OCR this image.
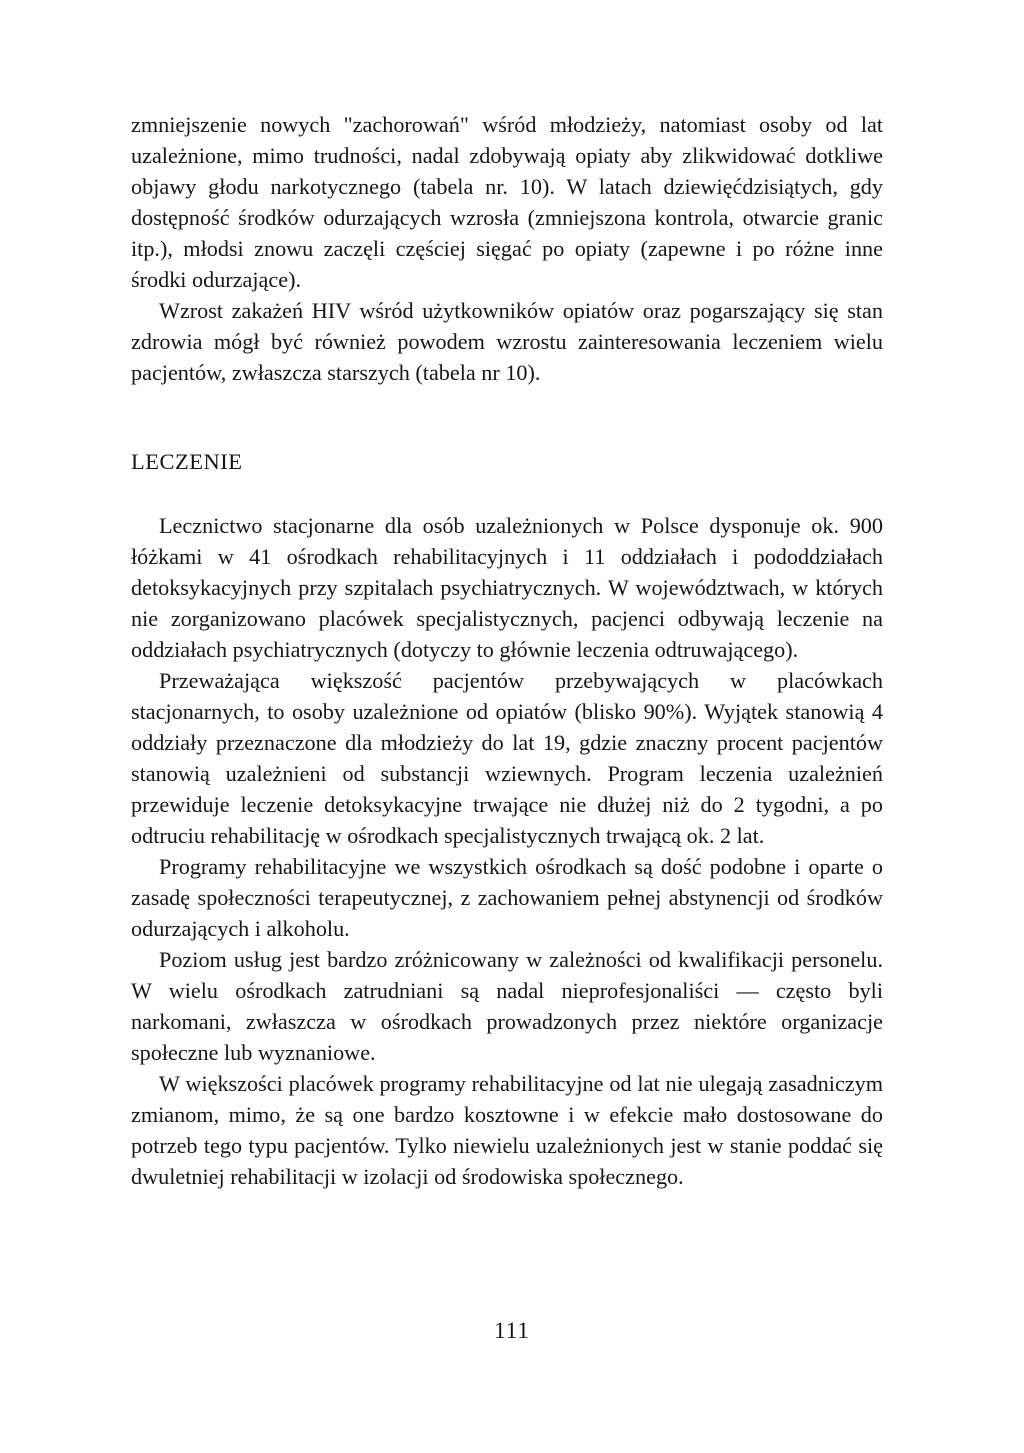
zmniejszenie nowych "zachorowań" wśród młodzieży, natomiast osoby od lat uzależnione, mimo trudności, nadal zdobywają opiaty aby zlikwidować dotkliwe objawy głodu narkotycznego (tabela nr. 10). W latach dziewięćdzisiątych, gdy dostępność środków odurzających wzrosła (zmniejszona kontrola, otwarcie granic itp.), młodsi znowu zaczęli częściej sięgać po opiaty (zapewne i po różne inne środki odurzające).

Wzrost zakażeń HIV wśród użytkowników opiatów oraz pogarszający się stan zdrowia mógł być również powodem wzrostu zainteresowania leczeniem wielu pacjentów, zwłaszcza starszych (tabela nr 10).

LECZENIE

Lecznictwo stacjonarne dla osób uzależnionych w Polsce dysponuje ok. 900 łóżkami w 41 ośrodkach rehabilitacyjnych i 11 oddziałach i pododdziałach detoksykacyjnych przy szpitalach psychiatrycznych. W województwach, w których nie zorganizowano placówek specjalistycznych, pacjenci odbywają leczenie na oddziałach psychiatrycznych (dotyczy to głównie leczenia odtruwającego).

Przeważająca większość pacjentów przebywających w placówkach stacjonarnych, to osoby uzależnione od opiatów (blisko 90%). Wyjątek stanowią 4 oddziały przeznaczone dla młodzieży do lat 19, gdzie znaczny procent pacjentów stanowią uzależnieni od substancji wziewnych. Program leczenia uzależnień przewiduje leczenie detoksykacyjne trwające nie dłużej niż do 2 tygodni, a po odtruciu rehabilitację w ośrodkach specjalistycznych trwającą ok. 2 lat.

Programy rehabilitacyjne we wszystkich ośrodkach są dość podobne i oparte o zasadę społeczności terapeutycznej, z zachowaniem pełnej abstynencji od środków odurzających i alkoholu.

Poziom usług jest bardzo zróżnicowany w zależności od kwalifikacji personelu. W wielu ośrodkach zatrudniani są nadal nieprofesjonaliści — często byli narkomani, zwłaszcza w ośrodkach prowadzonych przez niektóre organizacje społeczne lub wyznaniowe.

W większości placówek programy rehabilitacyjne od lat nie ulegają zasadniczym zmianom, mimo, że są one bardzo kosztowne i w efekcie mało dostosowane do potrzeb tego typu pacjentów. Tylko niewielu uzależnionych jest w stanie poddać się dwuletniej rehabilitacji w izolacji od środowiska społecznego.

111
